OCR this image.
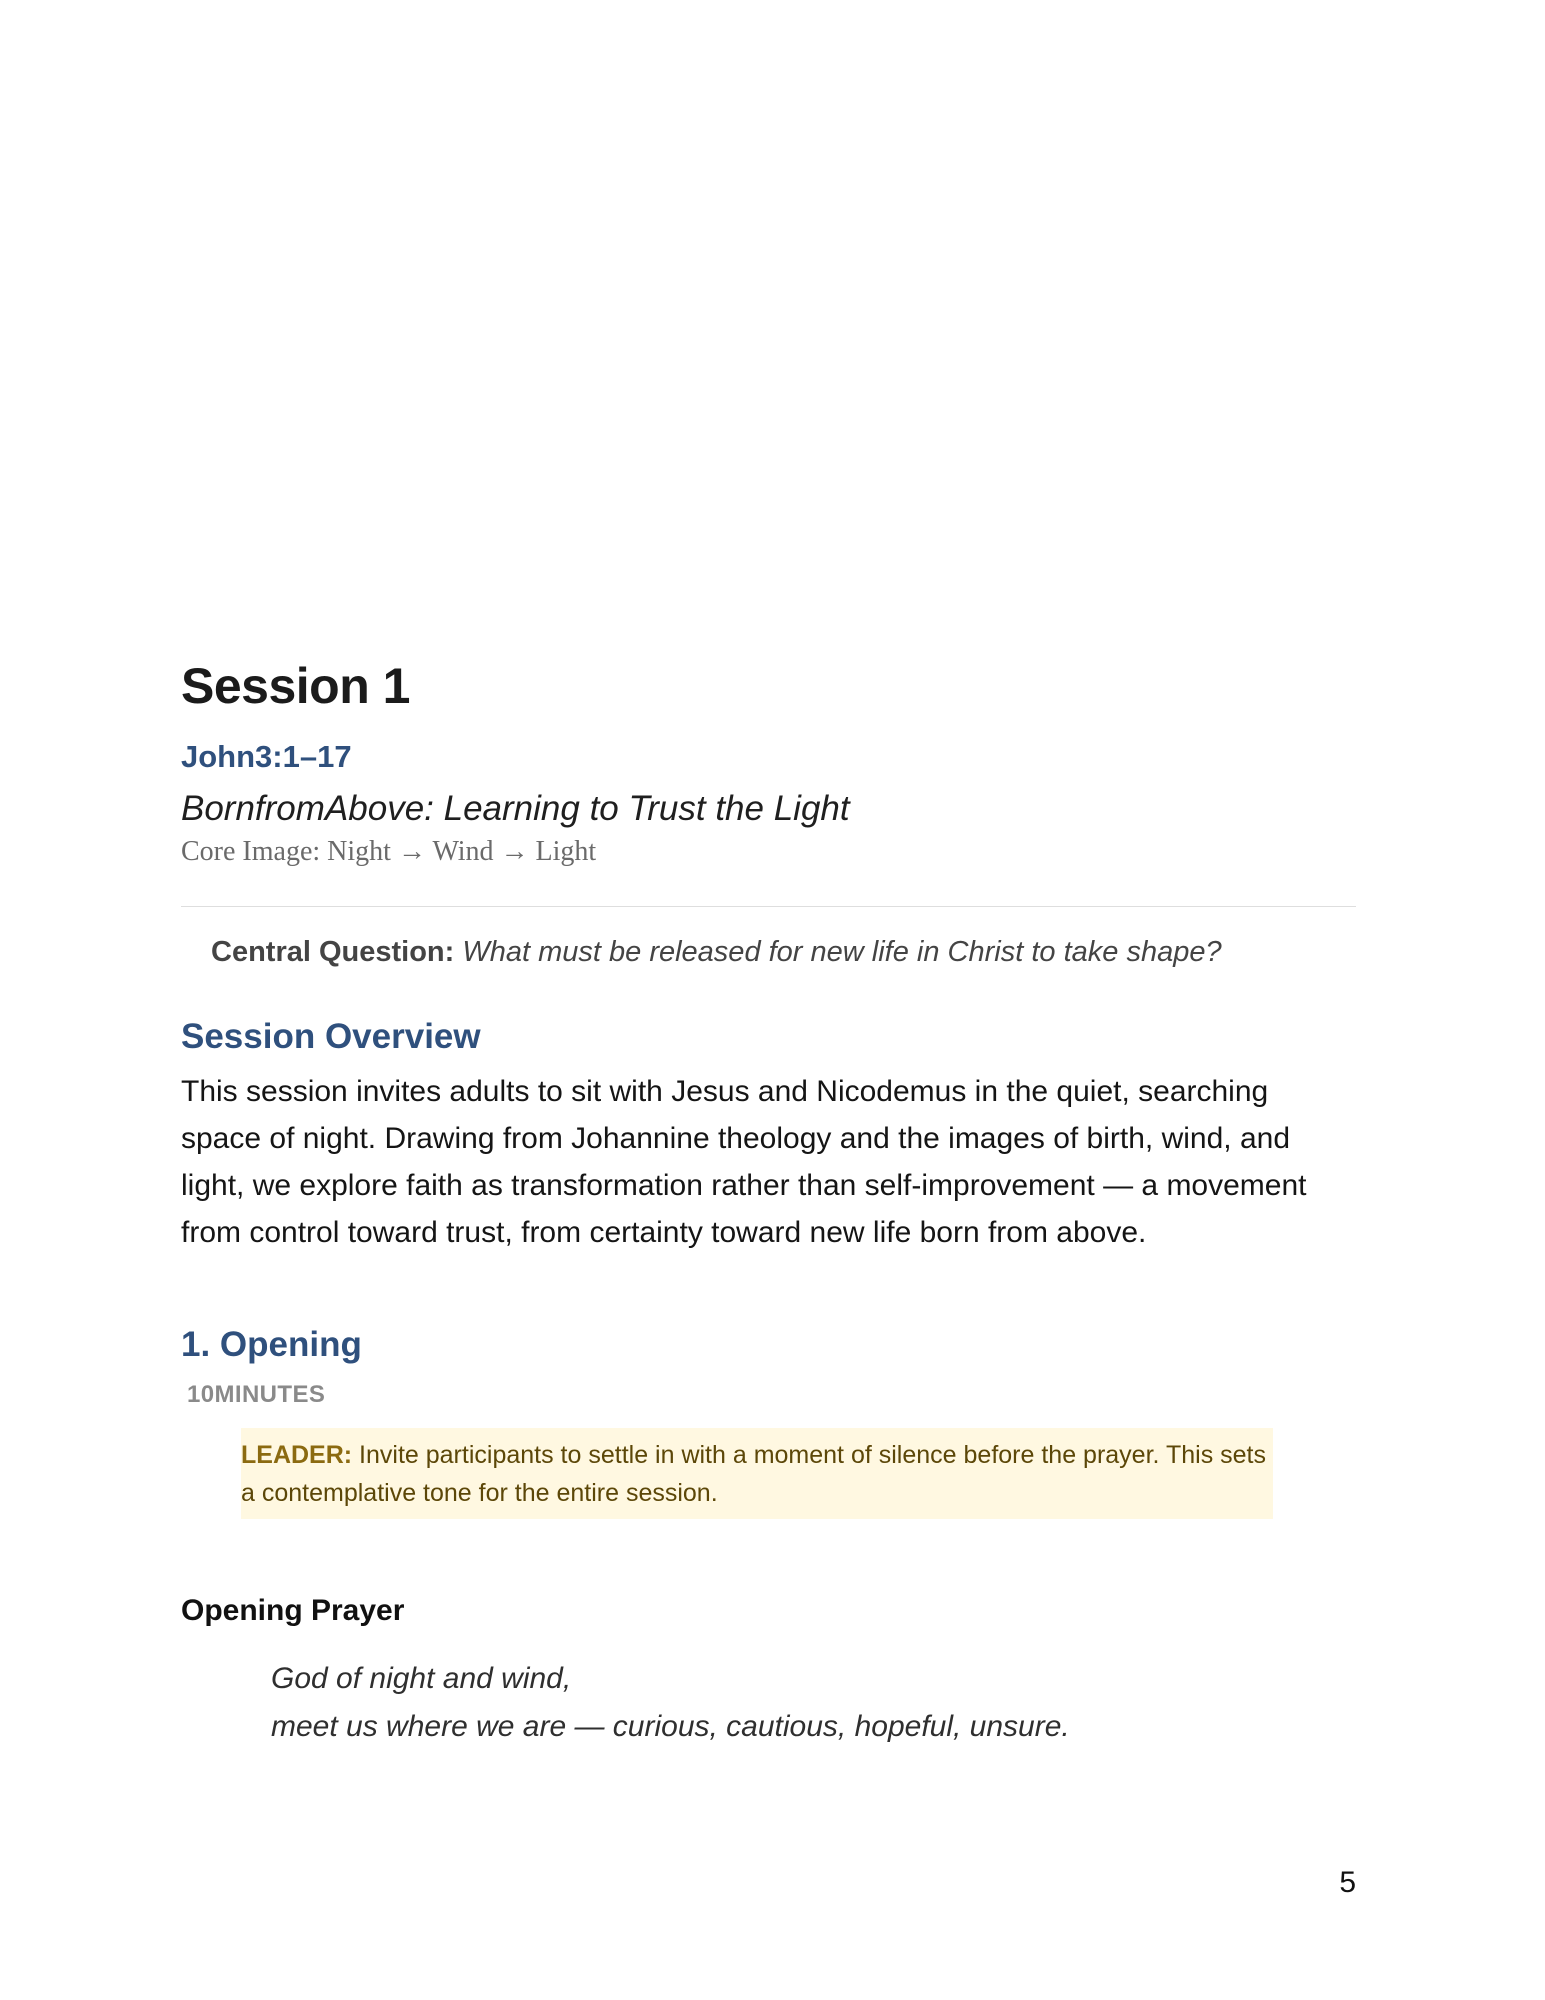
Session 1
John3:1–17
BornfromAbove: Learning to Trust the Light
Core Image: Night → Wind → Light
Central Question: What must be released for new life in Christ to take shape?
Session Overview
This session invites adults to sit with Jesus and Nicodemus in the quiet, searching space of night. Drawing from Johannine theology and the images of birth, wind, and light, we explore faith as transformation rather than self-improvement — a movement from control toward trust, from certainty toward new life born from above.
1. Opening
10MINUTES
LEADER: Invite participants to settle in with a moment of silence before the prayer. This sets a contemplative tone for the entire session.
Opening Prayer
God of night and wind,
meet us where we are — curious, cautious, hopeful, unsure.
5
